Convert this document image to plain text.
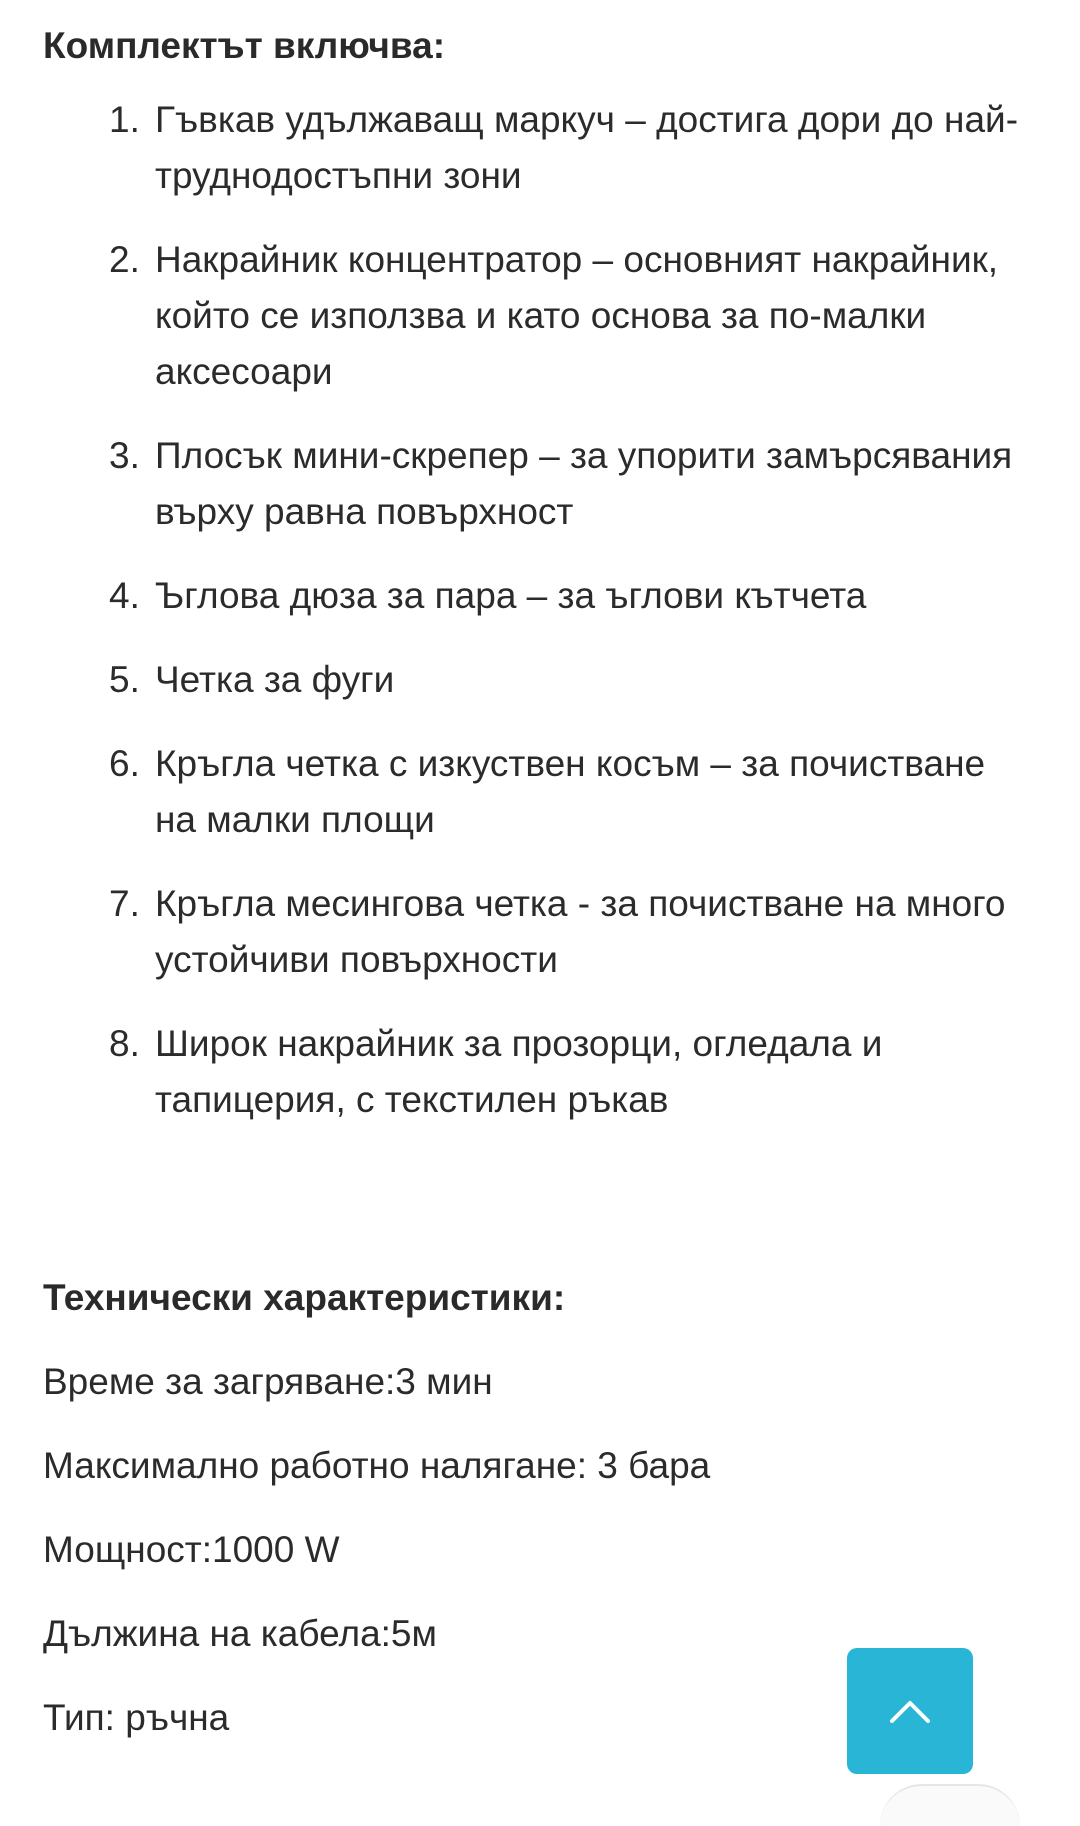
Комплектът включва:
1. Гъвкав удължаващ маркуч – достига дори до най- труднодостъпни зони
2. Накрайник концентратор – основният накрайник, който се използва и като основа за по-малки аксесоари
3. Плосък мини-скрепер – за упорити замърсявания върху равна повърхност
4. Ъглова дюза за пара – за ъглови кътчета
5. Четка за фуги
6. Кръгла четка с изкуствен косъм – за почистване на малки площи
7. Кръгла месингова четка - за почистване на много устойчиви повърхности
8. Широк накрайник за прозорци, огледала и тапицерия, с текстилен ръкав
Технически характеристики:

Време за загряване:3 мин

Максимално работно налягане: 3 бара

Мощност:1000 W

Дължина на кабела:5м

Тип: ръчна
